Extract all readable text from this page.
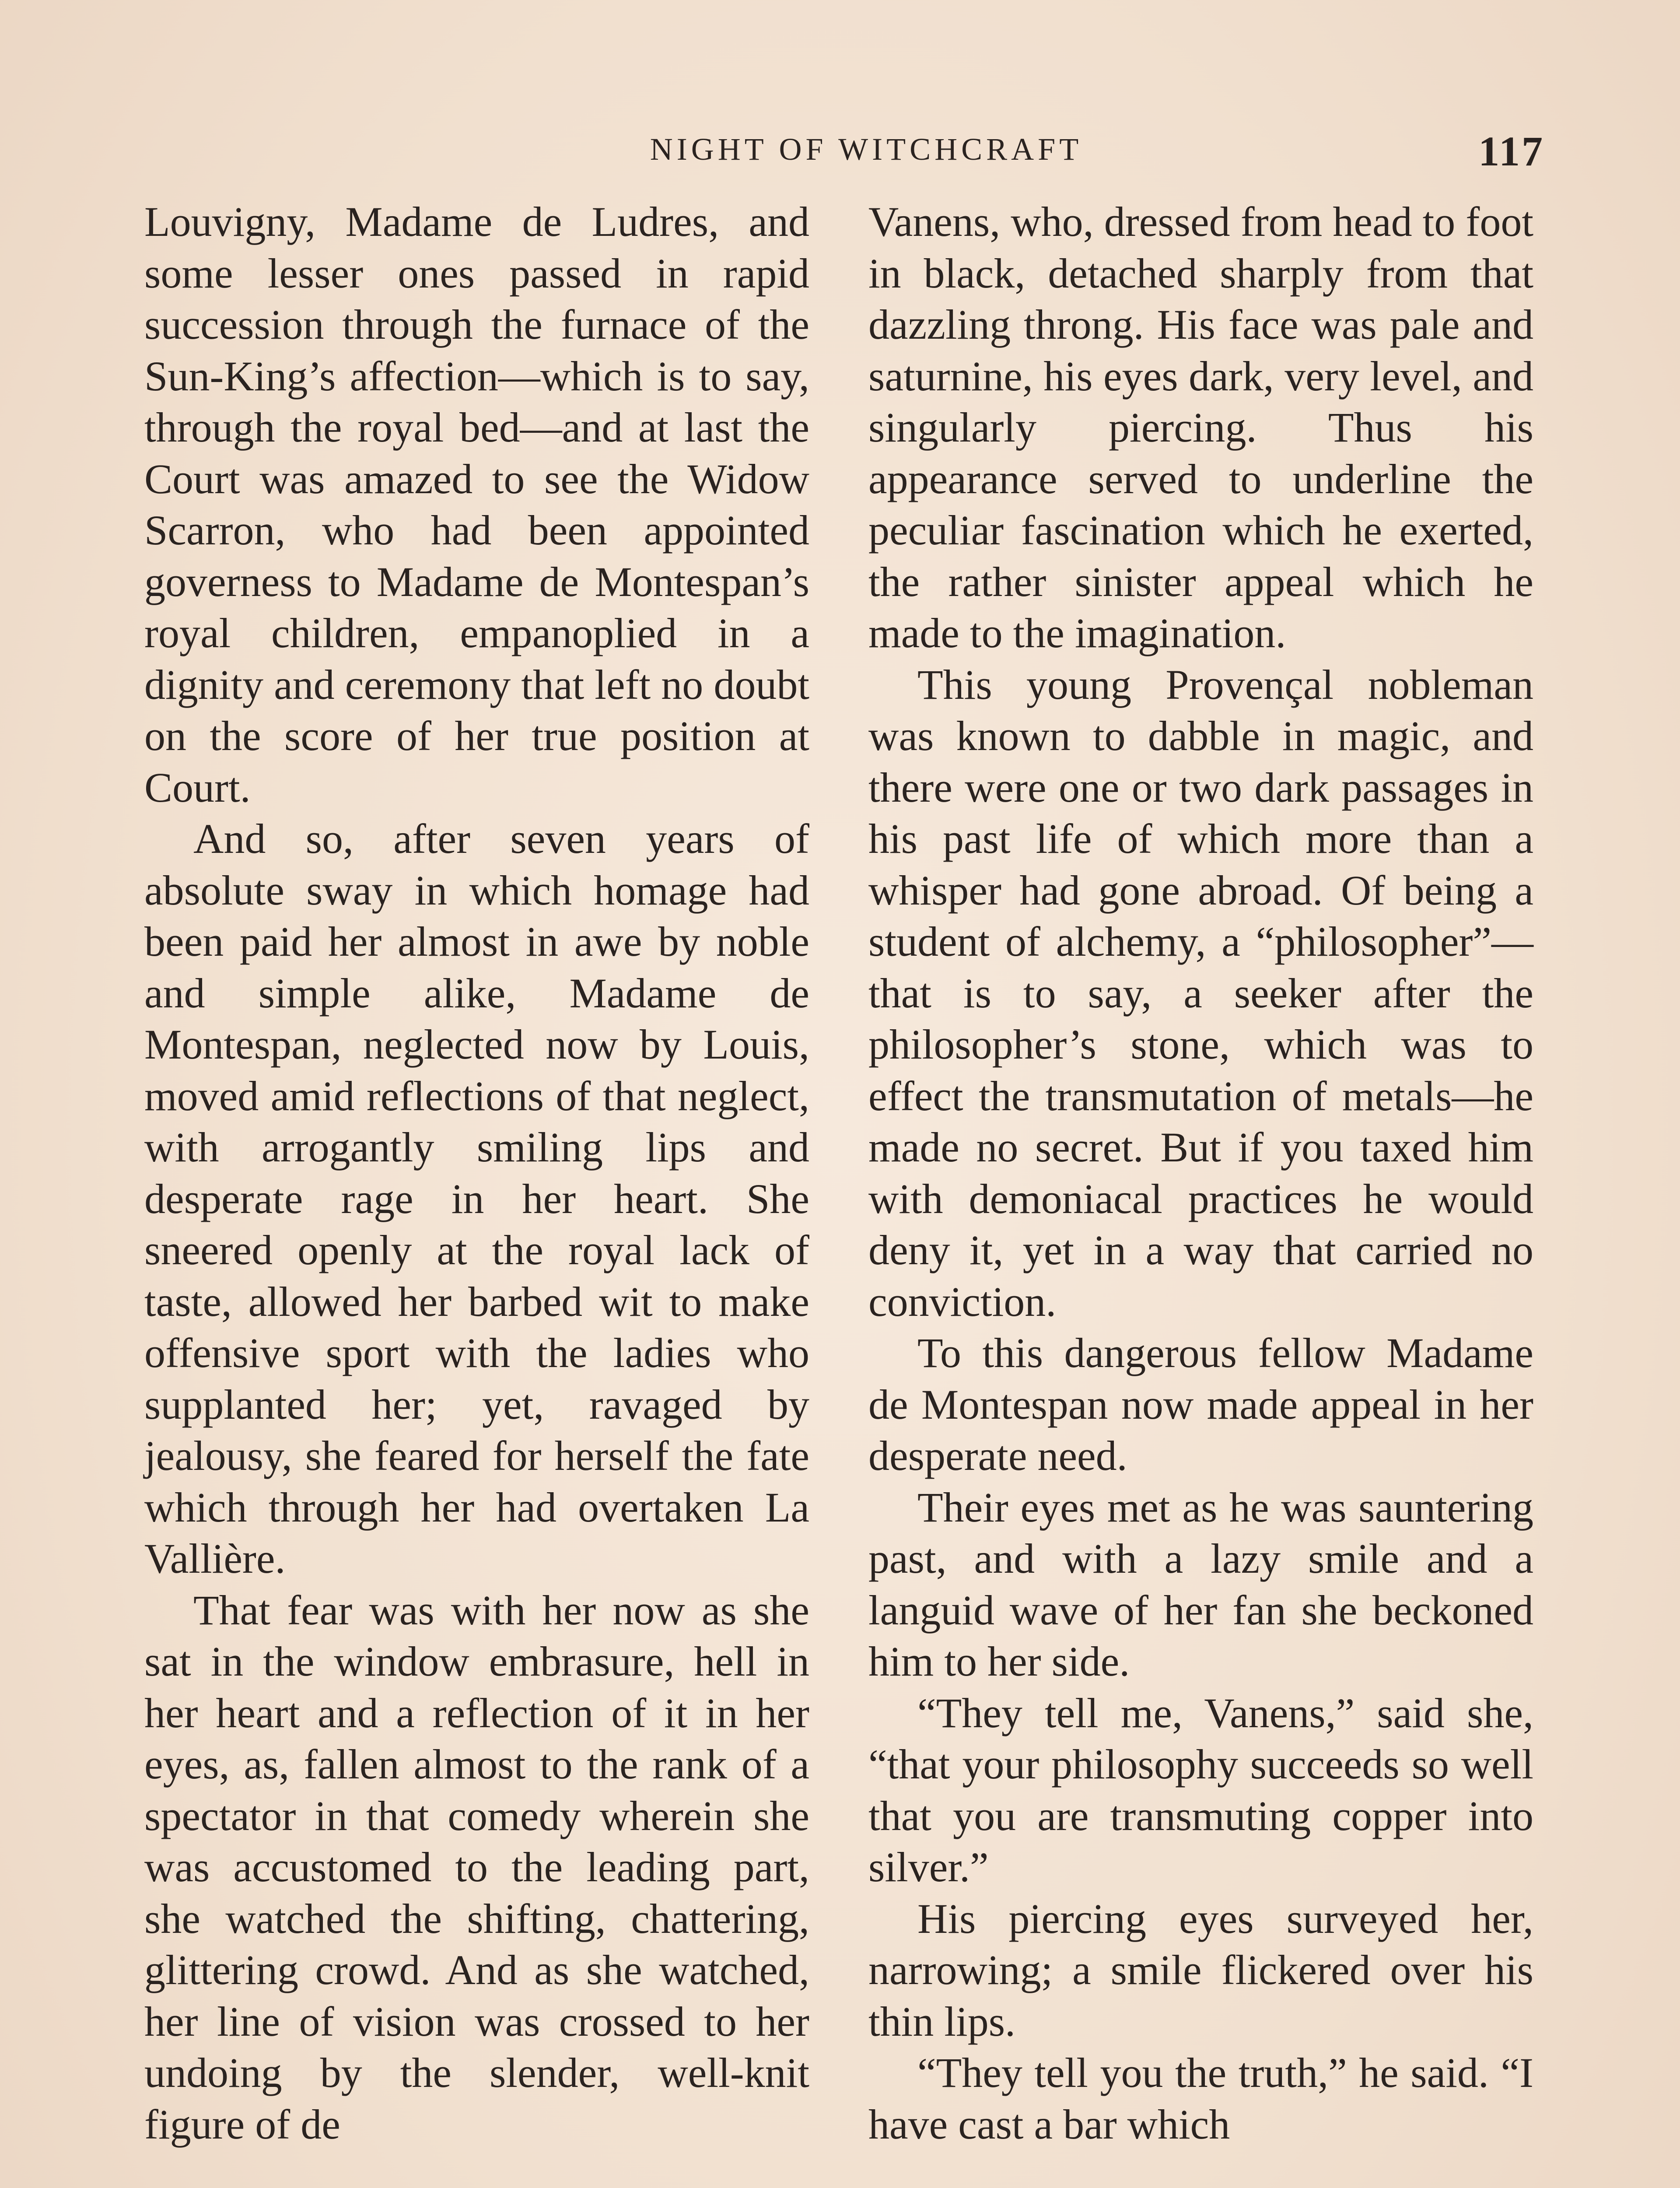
NIGHT OF WITCHCRAFT	117

Louvigny, Madame de Ludres, and some lesser ones passed in rapid succession through the furnace of the Sun-King’s affection—which is to say, through the royal bed—and at last the Court was amazed to see the Widow Scarron, who had been appointed governess to Madame de Montespan’s royal children, empanoplied in a dignity and ceremony that left no doubt on the score of her true position at Court.

And so, after seven years of absolute sway in which homage had been paid her almost in awe by noble and simple alike, Madame de Montespan, neglected now by Louis, moved amid reflections of that neglect, with arrogantly smiling lips and desperate rage in her heart. She sneered openly at the royal lack of taste, allowed her barbed wit to make offensive sport with the ladies who supplanted her; yet, ravaged by jealousy, she feared for herself the fate which through her had overtaken La Vallière.

That fear was with her now as she sat in the window embrasure, hell in her heart and a reflection of it in her eyes, as, fallen almost to the rank of a spectator in that comedy wherein she was accustomed to the leading part, she watched the shifting, chattering, glittering crowd. And as she watched, her line of vision was crossed to her undoing by the slender, well-knit figure of de

Vanens, who, dressed from head to foot in black, detached sharply from that dazzling throng. His face was pale and saturnine, his eyes dark, very level, and singularly piercing. Thus his appearance served to underline the peculiar fascination which he exerted, the rather sinister appeal which he made to the imagination.

This young Provençal nobleman was known to dabble in magic, and there were one or two dark passages in his past life of which more than a whisper had gone abroad. Of being a student of alchemy, a “philosopher”—that is to say, a seeker after the philosopher’s stone, which was to effect the transmutation of metals—he made no secret. But if you taxed him with demoniacal practices he would deny it, yet in a way that carried no conviction.

To this dangerous fellow Madame de Montespan now made appeal in her desperate need.

Their eyes met as he was sauntering past, and with a lazy smile and a languid wave of her fan she beckoned him to her side.

“They tell me, Vanens,” said she, “that your philosophy succeeds so well that you are transmuting copper into silver.”

His piercing eyes surveyed her, narrowing; a smile flickered over his thin lips.

“They tell you the truth,” he said. “I have cast a bar which
